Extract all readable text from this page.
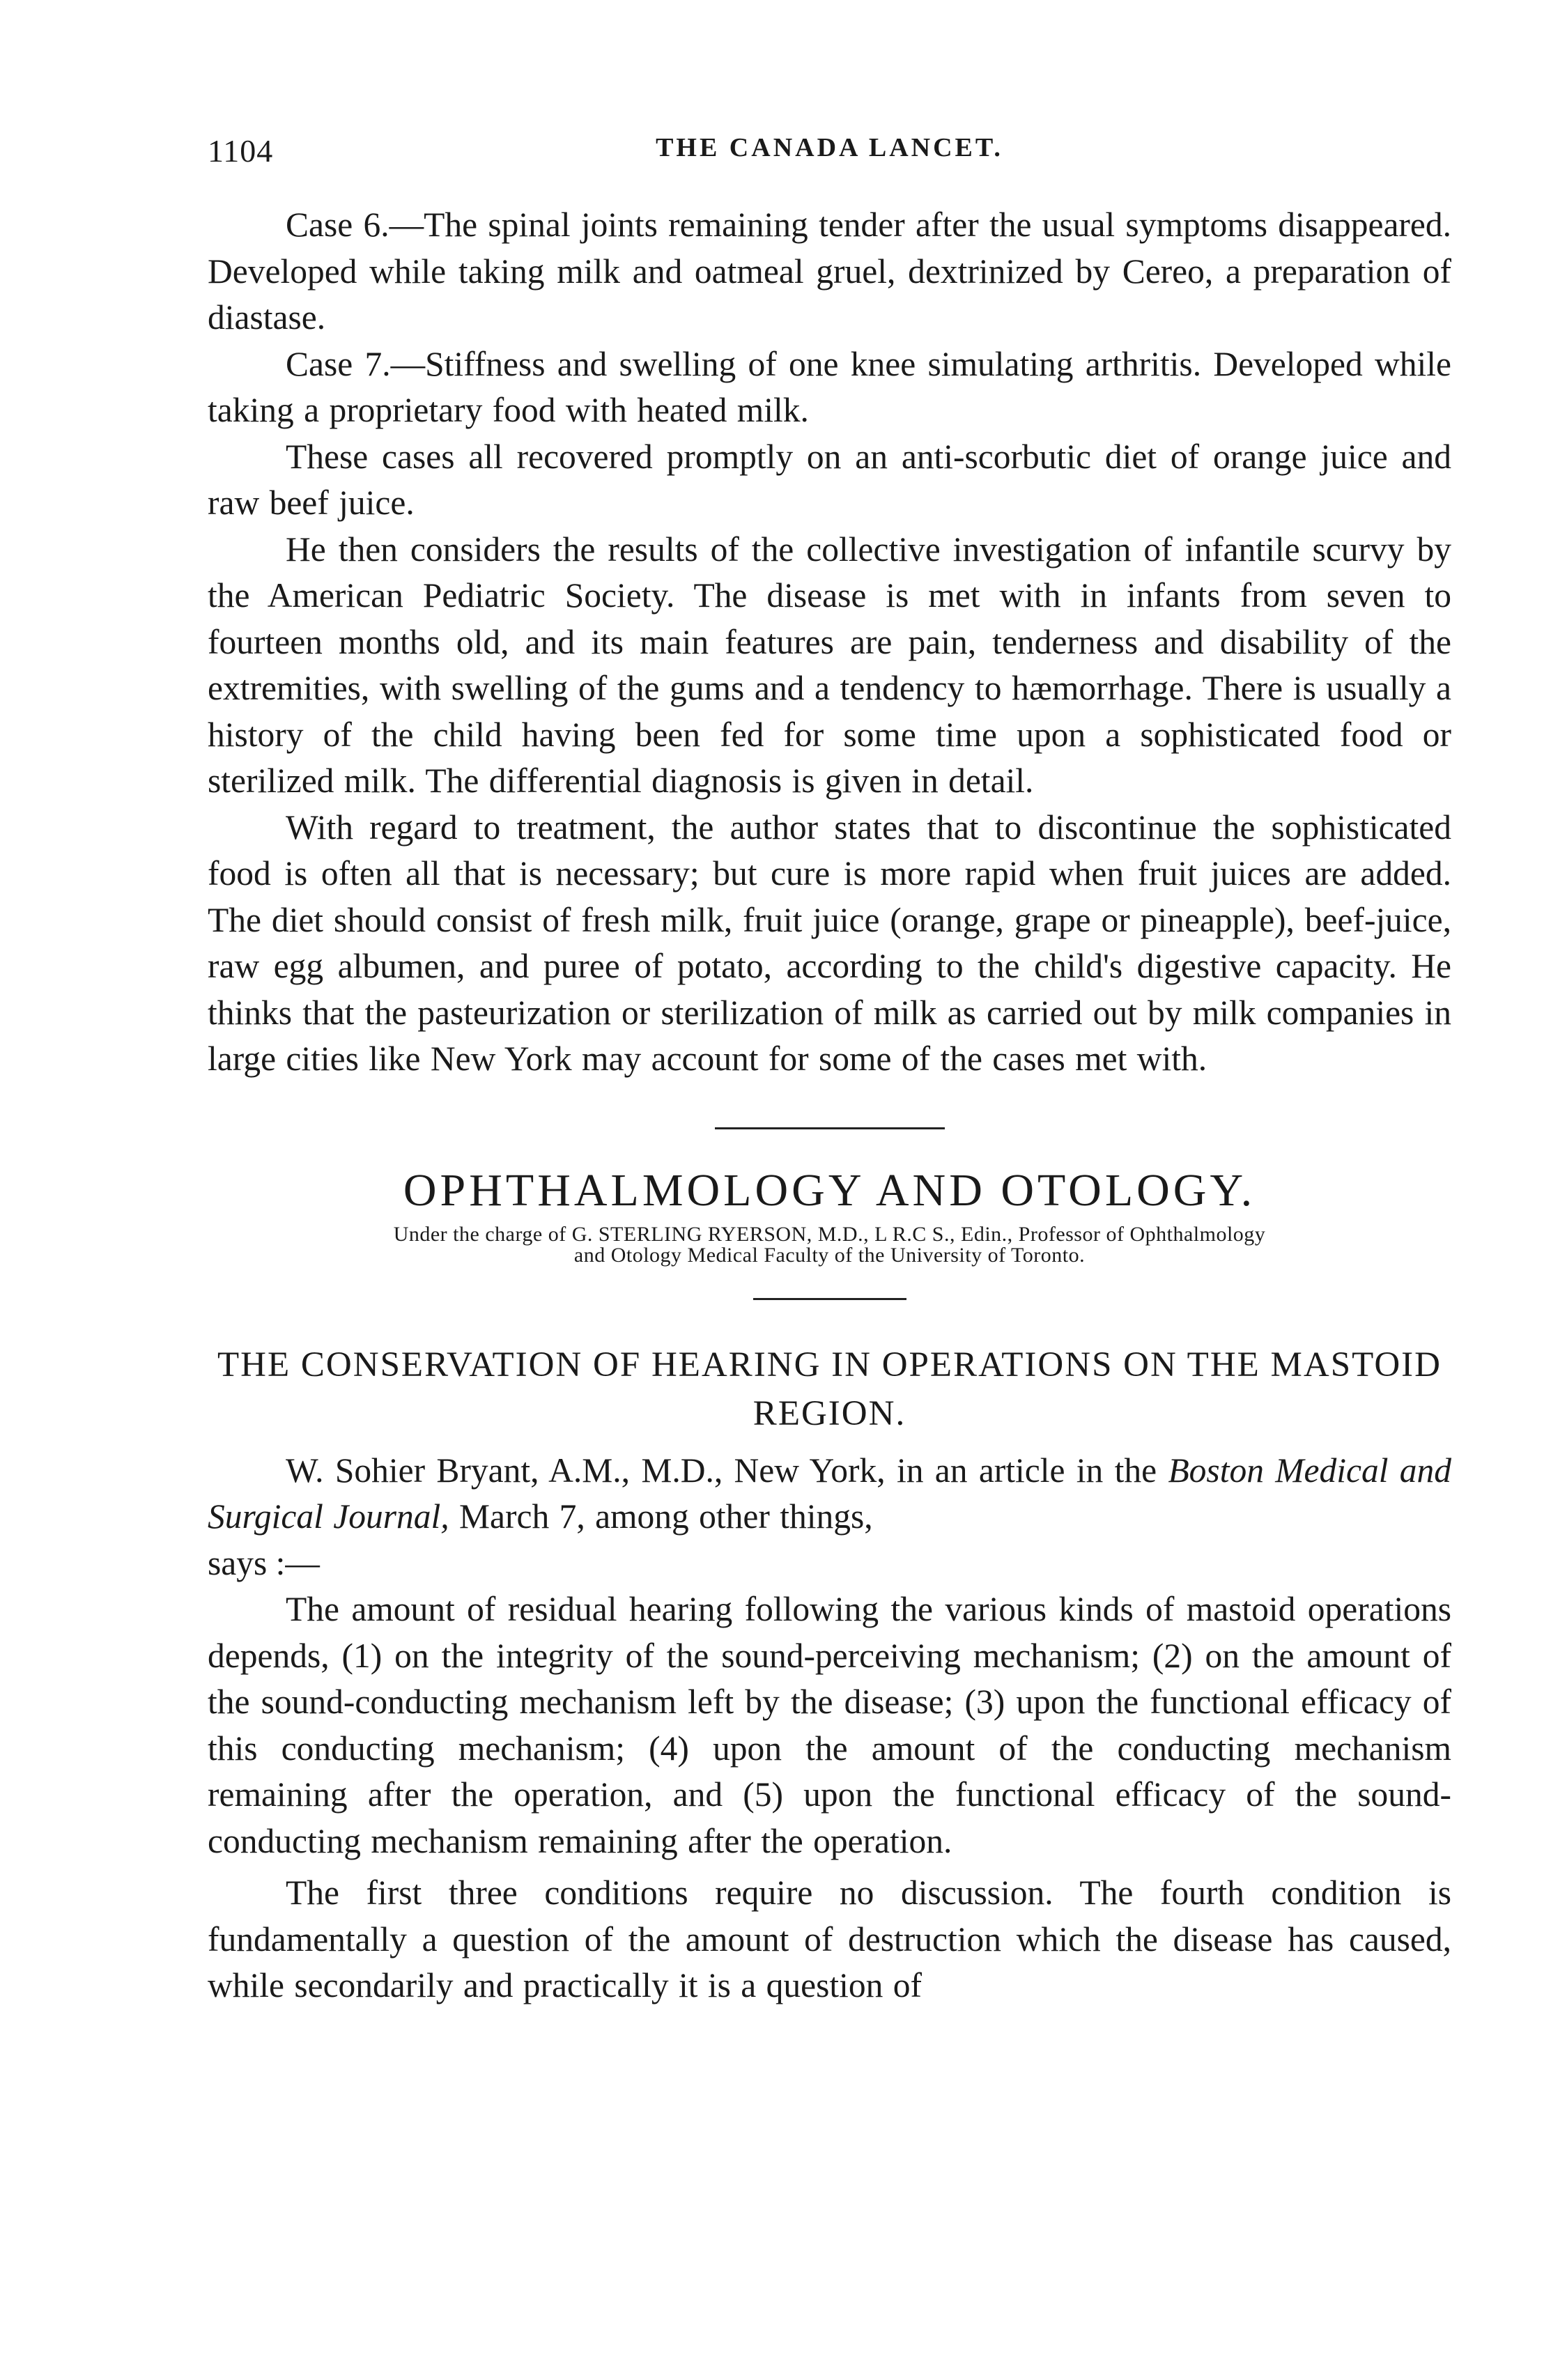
1104	THE CANADA LANCET.

Case 6.—The spinal joints remaining tender after the usual symptoms disappeared. Developed while taking milk and oatmeal gruel, dextrinized by Cereo, a preparation of diastase.

Case 7.—Stiffness and swelling of one knee simulating arthritis. Developed while taking a proprietary food with heated milk.

These cases all recovered promptly on an anti-scorbutic diet of orange juice and raw beef juice.

He then considers the results of the collective investigation of infantile scurvy by the American Pediatric Society. The disease is met with in infants from seven to fourteen months old, and its main features are pain, tenderness and disability of the extremities, with swelling of the gums and a tendency to hæmorrhage. There is usually a history of the child having been fed for some time upon a sophisticated food or sterilized milk. The differential diagnosis is given in detail.

With regard to treatment, the author states that to discontinue the sophisticated food is often all that is necessary; but cure is more rapid when fruit juices are added. The diet should consist of fresh milk, fruit juice (orange, grape or pineapple), beef-juice, raw egg albumen, and puree of potato, according to the child's digestive capacity. He thinks that the pasteurization or sterilization of milk as carried out by milk companies in large cities like New York may account for some of the cases met with.

OPHTHALMOLOGY AND OTOLOGY.
Under the charge of G. STERLING RYERSON, M.D., L R.C S., Edin., Professor of Ophthalmology
and Otology Medical Faculty of the University of Toronto.
THE CONSERVATION OF HEARING IN OPERATIONS ON THE MASTOID REGION.

W. Sohier Bryant, A.M., M.D., New York, in an article in the Boston Medical and Surgical Journal, March 7, among other things,

says :—

The amount of residual hearing following the various kinds of mastoid operations depends, (1) on the integrity of the sound-perceiving mechanism; (2) on the amount of the sound-conducting mechanism left by the disease; (3) upon the functional efficacy of this conducting mechanism; (4) upon the amount of the conducting mechanism remaining after the operation, and (5) upon the functional efficacy of the sound-conducting mechanism remaining after the operation.

The first three conditions require no discussion. The fourth condition is fundamentally a question of the amount of destruction which the disease has caused, while secondarily and practically it is a question of
